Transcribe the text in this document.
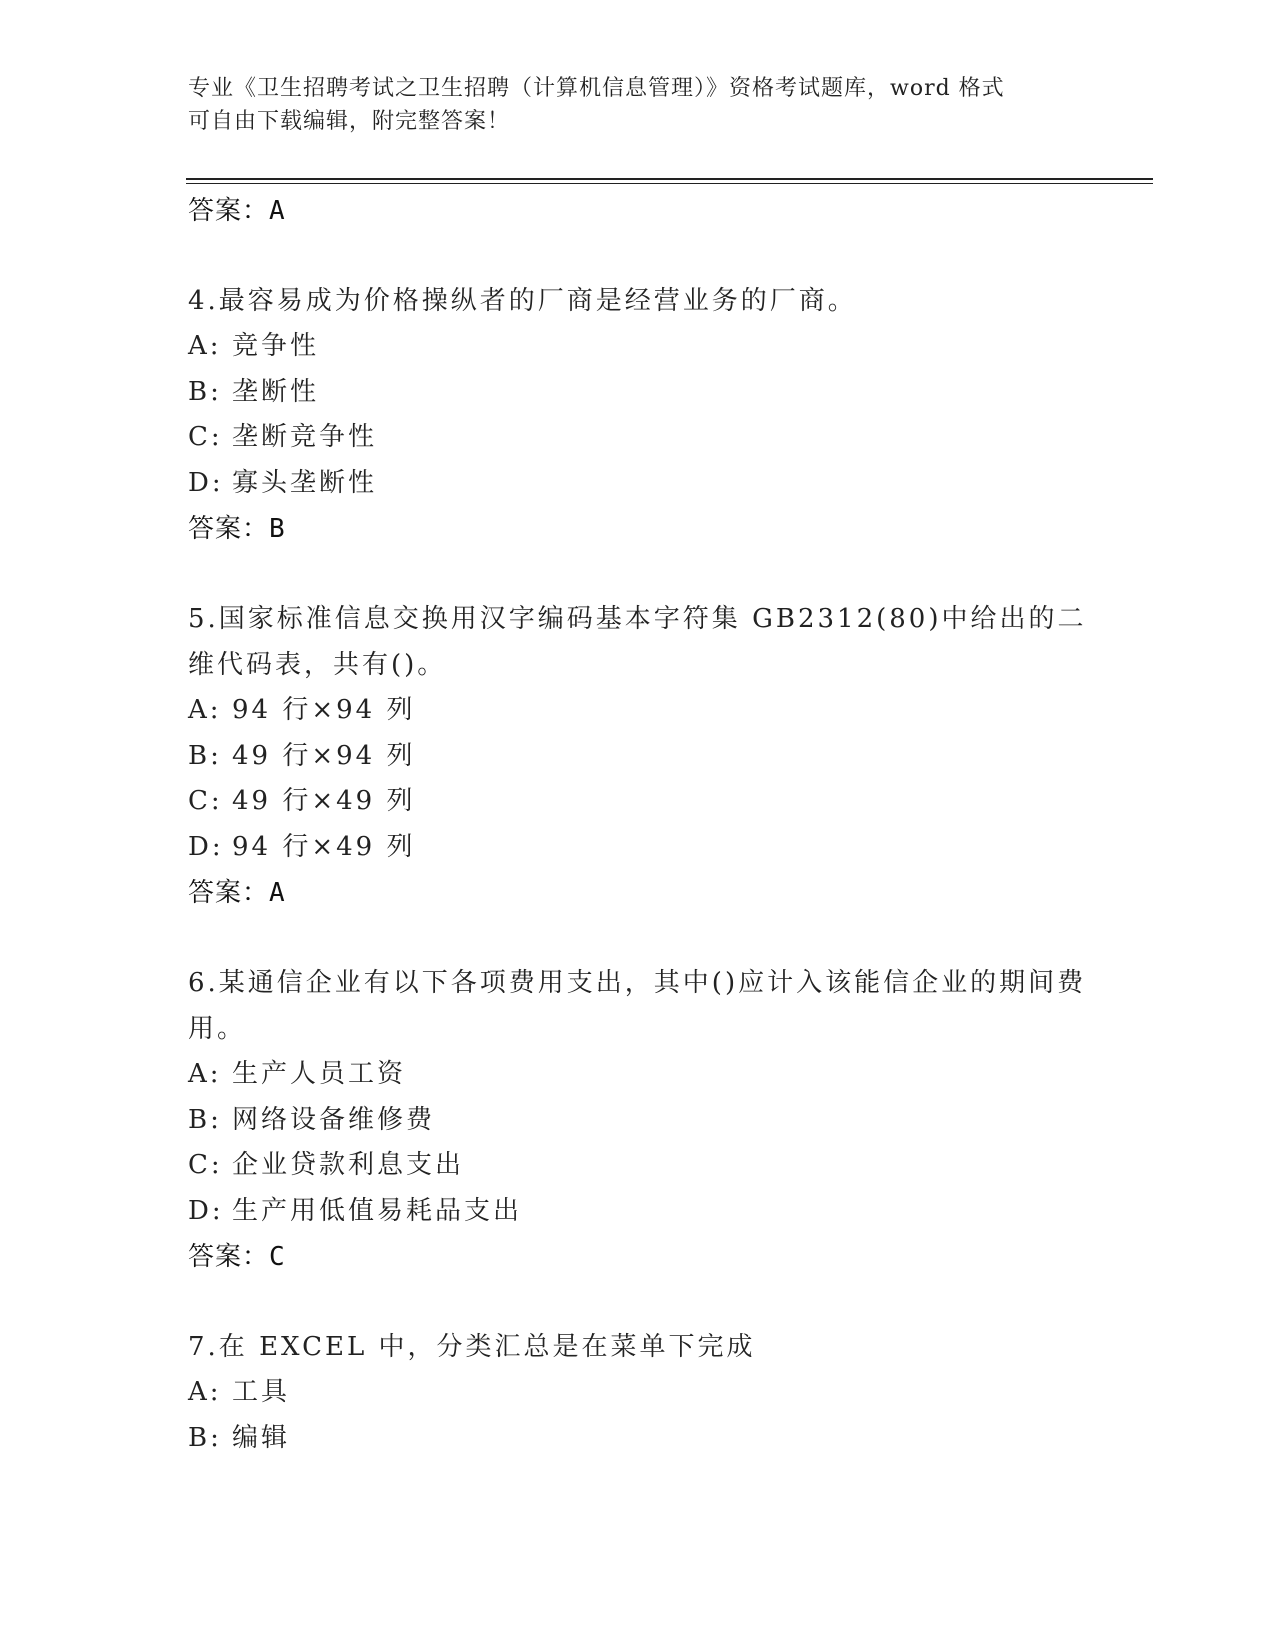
专业《卫生招聘考试之卫生招聘（计算机信息管理）》资格考试题库，word 格式
可自由下载编辑，附完整答案！
答案：A
4.最容易成为价格操纵者的厂商是经营业务的厂商。
A: 竞争性
B: 垄断性
C: 垄断竞争性
D: 寡头垄断性
答案：B
5.国家标准信息交换用汉字编码基本字符集 GB2312(80)中给出的二维代码表，共有()。
A: 94 行×94 列
B: 49 行×94 列
C: 49 行×49 列
D: 94 行×49 列
答案：A
6.某通信企业有以下各项费用支出，其中()应计入该能信企业的期间费用。
A: 生产人员工资
B: 网络设备维修费
C: 企业贷款利息支出
D: 生产用低值易耗品支出
答案：C
7.在 EXCEL 中，分类汇总是在菜单下完成
A: 工具
B: 编辑
